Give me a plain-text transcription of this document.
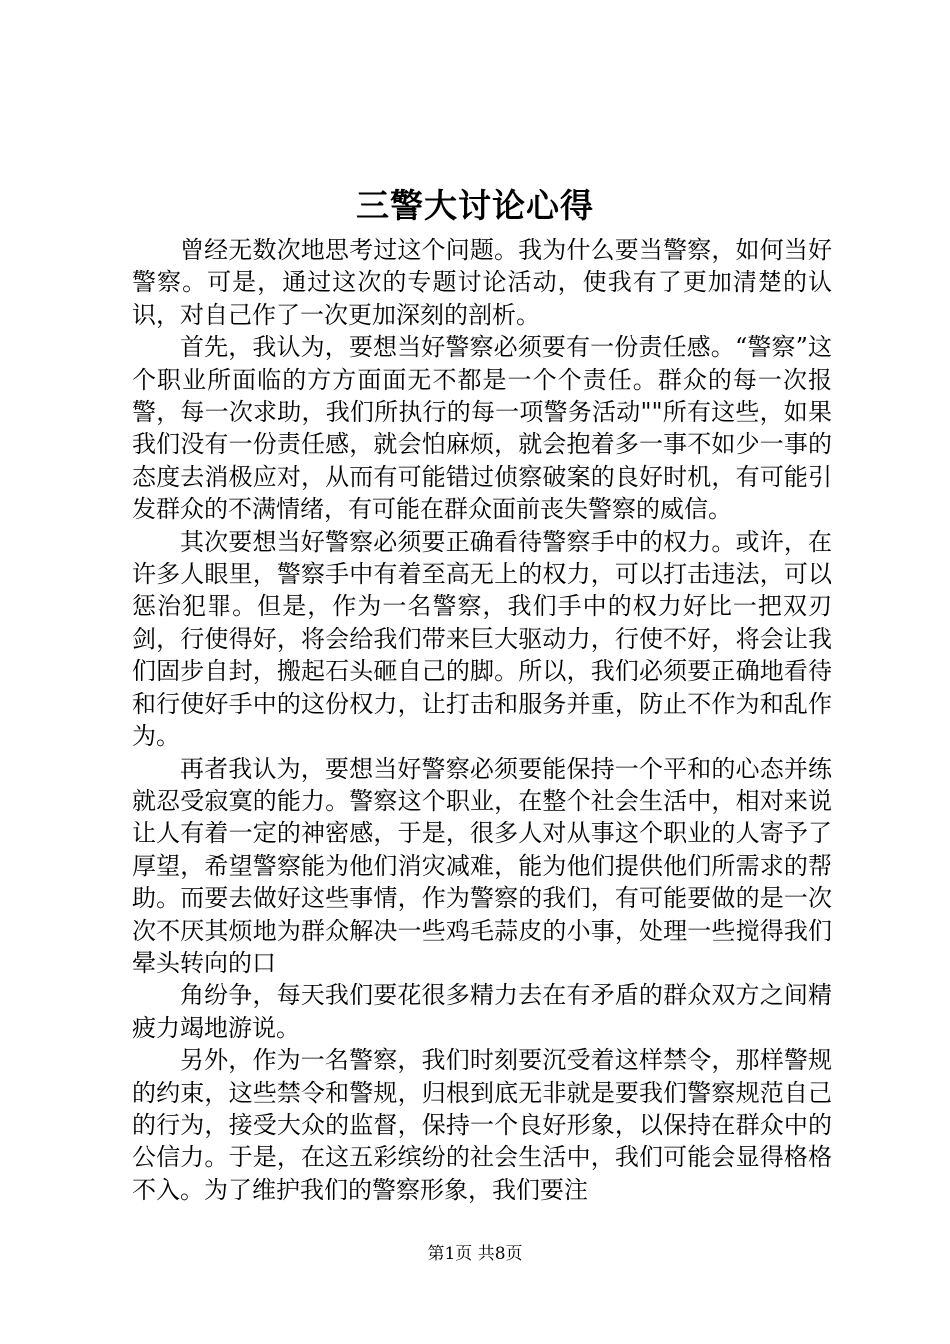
三警大讨论心得

曾经无数次地思考过这个问题。我为什么要当警察，如何当好警察。可是，通过这次的专题讨论活动，使我有了更加清楚的认识，对自己作了一次更加深刻的剖析。

首先，我认为，要想当好警察必须要有一份责任感。“警察”这个职业所面临的方方面面无不都是一个个责任。群众的每一次报警，每一次求助，我们所执行的每一项警务活动""所有这些，如果我们没有一份责任感，就会怕麻烦，就会抱着多一事不如少一事的态度去消极应对，从而有可能错过侦察破案的良好时机，有可能引发群众的不满情绪，有可能在群众面前丧失警察的威信。

其次要想当好警察必须要正确看待警察手中的权力。或许，在许多人眼里，警察手中有着至高无上的权力，可以打击违法，可以惩治犯罪。但是，作为一名警察，我们手中的权力好比一把双刃剑，行使得好，将会给我们带来巨大驱动力，行使不好，将会让我们固步自封，搬起石头砸自己的脚。所以，我们必须要正确地看待和行使好手中的这份权力，让打击和服务并重，防止不作为和乱作为。

再者我认为，要想当好警察必须要能保持一个平和的心态并练就忍受寂寞的能力。警察这个职业，在整个社会生活中，相对来说让人有着一定的神密感，于是，很多人对从事这个职业的人寄予了厚望，希望警察能为他们消灾减难，能为他们提供他们所需求的帮助。而要去做好这些事情，作为警察的我们，有可能要做的是一次次不厌其烦地为群众解决一些鸡毛蒜皮的小事，处理一些搅得我们晕头转向的口

角纷争，每天我们要花很多精力去在有矛盾的群众双方之间精疲力竭地游说。

另外，作为一名警察，我们时刻要沉受着这样禁令，那样警规的约束，这些禁令和警规，归根到底无非就是要我们警察规范自己的行为，接受大众的监督，保持一个良好形象，以保持在群众中的公信力。于是，在这五彩缤纷的社会生活中，我们可能会显得格格不入。为了维护我们的警察形象，我们要注

第1页 共8页
